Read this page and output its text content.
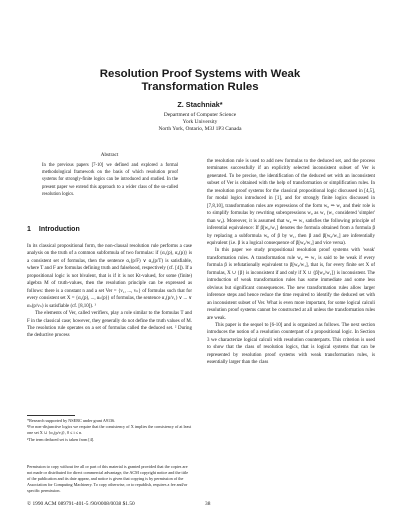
Resolution Proof Systems with Weak Transformation Rules
Z. Stachniak*
Department of Computer Science
York University
North York, Ontario, M3J 1P3 Canada
Abstract
In the previous papers [7-10] we defined and explored a formal methodological framework on the basis of which resolution proof systems for strongly-finite logics can be introduced and studied. In the present paper we extend this approach to a wider class of the so-called resolution logics.
1 Introduction

In its classical propositional form, the non-clausal resolution rule performs a case analysis on the truth of a common subformula of two formulas: if {α₁(p), α₂(p)} is a consistent set of formulas, then the sentence α₁(p/F) ∨ α₂(p/T) is satisfiable, where T and F are formulas defining truth and falsehood, respectively (cf. [4]). If a propositional logic is not bivalent, that is if it is not Kt-valued, for some (finite) algebra M of truth-values, then the resolution principle can be expressed as follows: there is a constant n and a set Ver = {v₁, ..., vₙ} of formulas such that for every consistent set X = {α₁(p), ..., αₙ(p)} of formulas, the sentence α₁(p/v₁) ∨ ... ∨ αₙ(p/vₙ) is satisfiable (cf. [8,10]). ¹

The elements of Ver, called verifiers, play a role similar to the formulas T and F in the classical case; however, they generally do not define the truth values of M. The resolution rule operates on a set of formulas called the deduced set. ² During the deductive process

*Research supported by NSERC under grant A9136.

¹For non-disjunctive logics we require that the consistency of X implies the consistency of at least one set X ∪ {α₁(p/vᵢ)}, 0 ≤ i ≤ n.

²The term deduced set is taken from [4].

Permission to copy without fee all or part of this material is granted provided that the copies are not made or distributed for direct commercial advantage, the ACM copyright notice and the title of the publication and its date appear, and notice is given that copying is by permission of the Association for Computing Machinery. To copy otherwise, or to republish, requires a fee and/or specific permission.
© 1990 ACM 089791-401-5 /90/0008/0038 $1.50	38

the resolution rule is used to add new formulas to the deduced set, and the process terminates successfully if an explicitly selected inconsistent subset of Ver is generated. To be precise, the identification of the deduced set with an inconsistent subset of Ver is obtained with the help of transformation or simplification rules. In the resolution proof systems for the classical propositional logic discussed in [4,5], for modal logics introduced in [1], and for strongly finite logics discussed in [7,8,10], transformation rules are expressions of the form w₀ ⇒ w₁ and their role is to simplify formulas by rewriting subexpressions w₀ as w₁ (w₁ considered 'simpler' than w₀). Moreover, it is assumed that w₀ ⇒ w₁ satisfies the following principle of inferential equivalence: If β[w₀/w₁] denotes the formula obtained from a formula β by replacing a subformula w₀ of β by w₁, then β and β[w₀/w₁] are inferentially equivalent (i.e. β is a logical consequence of β[w₀/w₁] and vice versa).

In this paper we study propositional resolution proof systems with 'weak' transformation rules. A transformation rule w₀ ⇒ w₁ is said to be weak if every formula β is refutationally equivalent to β[w₀/w₁], that is, for every finite set X of formulas, X ∪ {β} is inconsistent if and only if X ∪ {β[w₀/w₁]} is inconsistent. The introduction of weak transformation rules has some immediate and some less obvious but significant consequences. The new transformation rules allow larger inference steps and hence reduce the time required to identify the deduced set with an inconsistent subset of Ver. What is even more important, for some logical calculi resolution proof systems cannot be constructed at all unless the transformation rules are weak.

This paper is the sequel to [6-10] and is organized as follows. The next section introduces the notion of a resolution counterpart of a propositional logic. In Section 3 we characterize logical calculi with resolution counterparts. This criterion is used to show that the class of resolution logics, that is logical systems that can be represented by resolution proof systems with weak transformation rules, is essentially larger than the class
